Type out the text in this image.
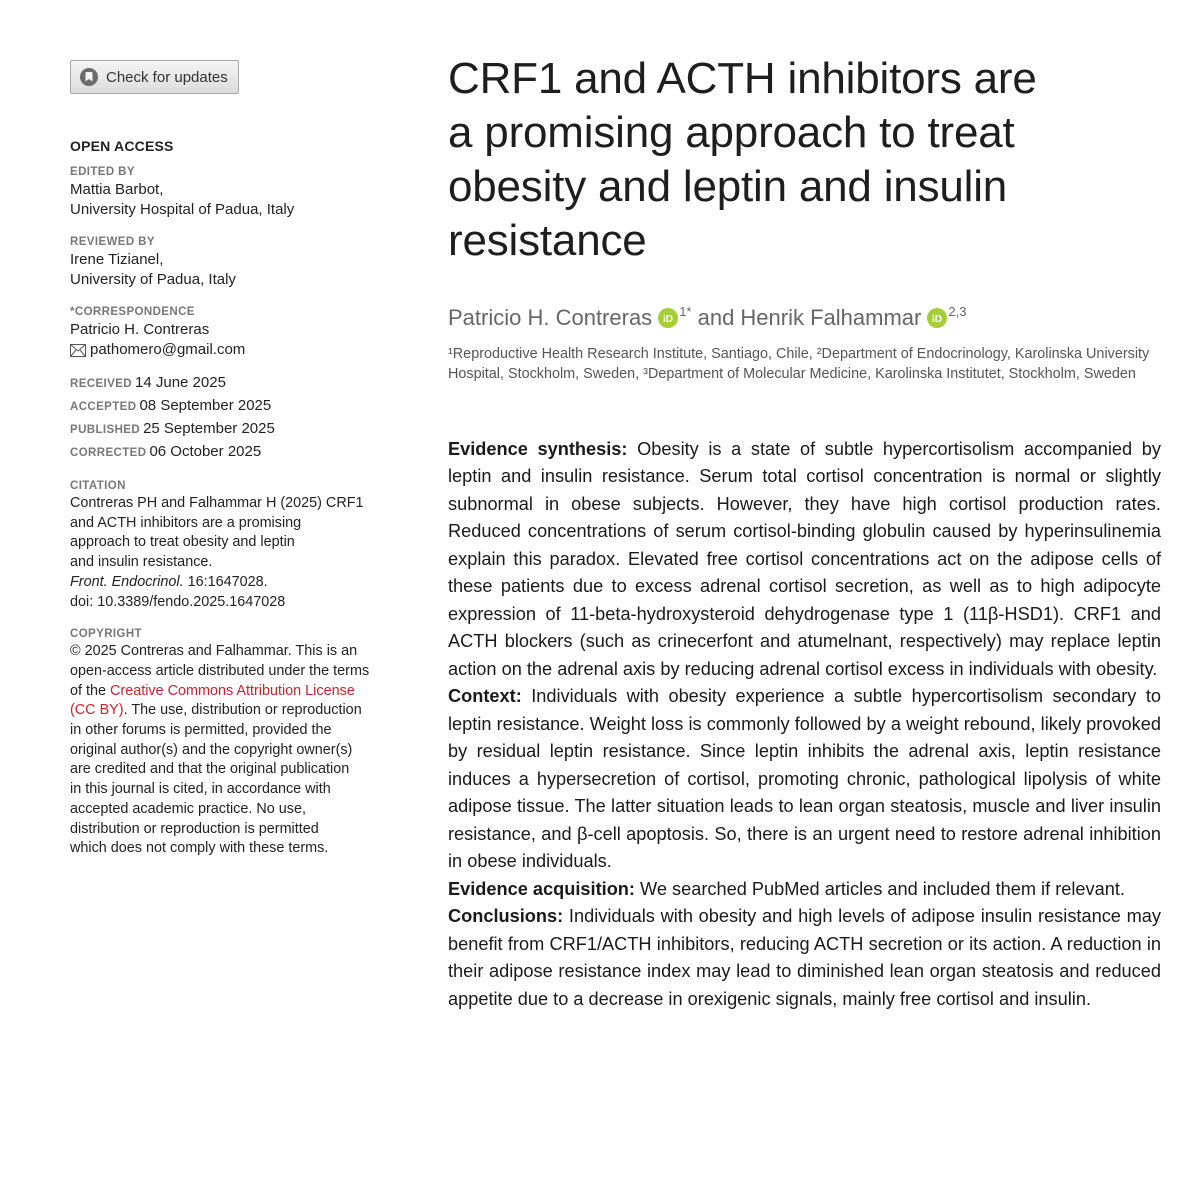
Check for updates
OPEN ACCESS
EDITED BY
Mattia Barbot,
University Hospital of Padua, Italy
REVIEWED BY
Irene Tizianel,
University of Padua, Italy
*CORRESPONDENCE
Patricio H. Contreras
pathomero@gmail.com
RECEIVED 14 June 2025
ACCEPTED 08 September 2025
PUBLISHED 25 September 2025
CORRECTED 06 October 2025
CITATION
Contreras PH and Falhammar H (2025) CRF1
and ACTH inhibitors are a promising
approach to treat obesity and leptin
and insulin resistance.
Front. Endocrinol. 16:1647028.
doi: 10.3389/fendo.2025.1647028
COPYRIGHT
© 2025 Contreras and Falhammar. This is an
open-access article distributed under the terms
of the Creative Commons Attribution License
(CC BY). The use, distribution or reproduction
in other forums is permitted, provided the
original author(s) and the copyright owner(s)
are credited and that the original publication
in this journal is cited, in accordance with
accepted academic practice. No use,
distribution or reproduction is permitted
which does not comply with these terms.
CRF1 and ACTH inhibitors are a promising approach to treat obesity and leptin and insulin resistance
Patricio H. Contreras iD
$^{1*}$ and Henrik Falhammar iD
$^{2,3}$
¹Reproductive Health Research Institute, Santiago, Chile, ²Department of Endocrinology, Karolinska University Hospital, Stockholm, Sweden, ³Department of Molecular Medicine, Karolinska Institutet, Stockholm, Sweden

Evidence synthesis: Obesity is a state of subtle hypercortisolism accompanied by leptin and insulin resistance. Serum total cortisol concentration is normal or slightly subnormal in obese subjects. However, they have high cortisol production rates. Reduced concentrations of serum cortisol-binding globulin caused by hyperinsulinemia explain this paradox. Elevated free cortisol concentrations act on the adipose cells of these patients due to excess adrenal cortisol secretion, as well as to high adipocyte expression of 11-beta-hydroxysteroid dehydrogenase type 1 (11β-HSD1). CRF1 and ACTH blockers (such as crinecerfont and atumelnant, respectively) may replace leptin action on the adrenal axis by reducing adrenal cortisol excess in individuals with obesity.

Context: Individuals with obesity experience a subtle hypercortisolism secondary to leptin resistance. Weight loss is commonly followed by a weight rebound, likely provoked by residual leptin resistance. Since leptin inhibits the adrenal axis, leptin resistance induces a hypersecretion of cortisol, promoting chronic, pathological lipolysis of white adipose tissue. The latter situation leads to lean organ steatosis, muscle and liver insulin resistance, and β-cell apoptosis. So, there is an urgent need to restore adrenal inhibition in obese individuals.

Evidence acquisition: We searched PubMed articles and included them if relevant.

Conclusions: Individuals with obesity and high levels of adipose insulin resistance may benefit from CRF1/ACTH inhibitors, reducing ACTH secretion or its action. A reduction in their adipose resistance index may lead to diminished lean organ steatosis and reduced appetite due to a decrease in orexigenic signals, mainly free cortisol and insulin.
